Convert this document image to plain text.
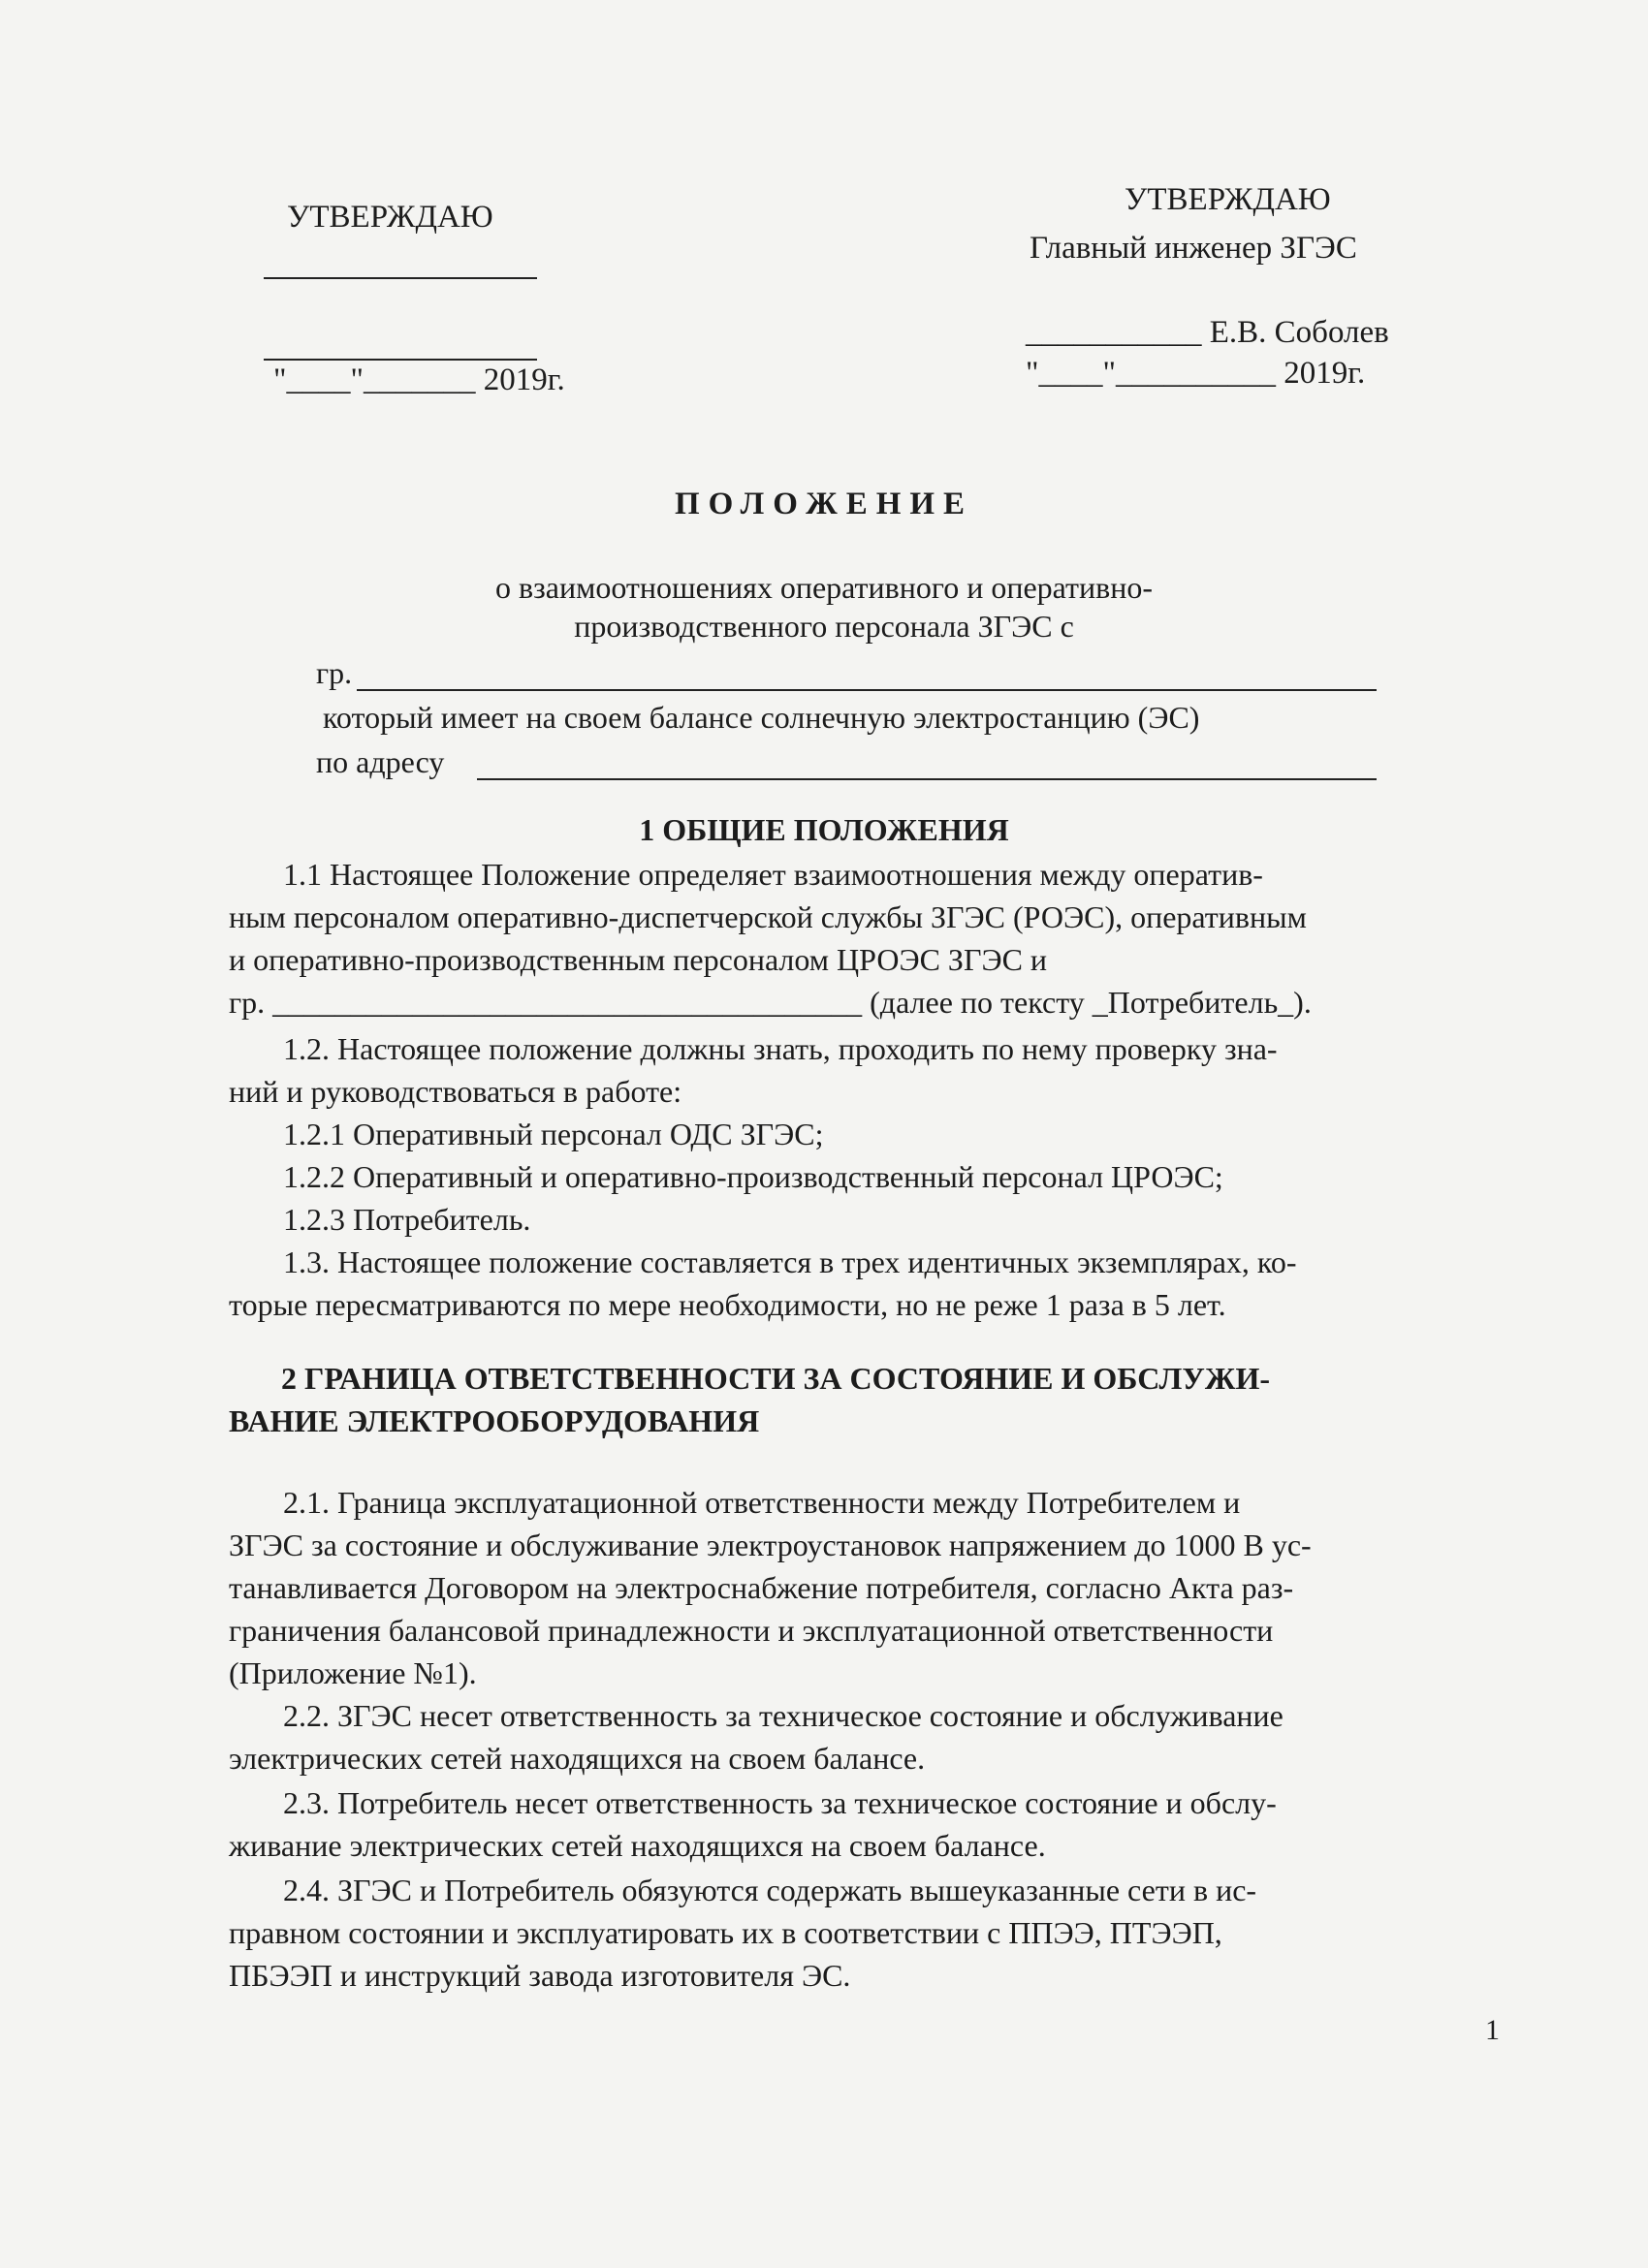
УТВЕРЖДАЮ
"____"_______ 2019г.
УТВЕРЖДАЮ
Главный инженер ЗГЭС
___________ Е.В. Соболев
"____"__________ 2019г.
ПОЛОЖЕНИЕ
о взаимоотношениях оперативного и оперативно-
производственного персонала ЗГЭС с
гр.
который имеет на своем балансе солнечную электростанцию (ЭС)
по адресу
1 ОБЩИЕ ПОЛОЖЕНИЯ
1.1 Настоящее Положение определяет взаимоотношения между оператив-
ным персоналом оперативно-диспетчерской службы ЗГЭС (РОЭС), оперативным
и оперативно-производственным персоналом ЦРОЭС ЗГЭС и
гр. ______________________________________ (далее по тексту _Потребитель_).
1.2. Настоящее положение должны знать, проходить по нему проверку зна-
ний и руководствоваться в работе:
1.2.1 Оперативный персонал ОДС ЗГЭС;
1.2.2 Оперативный и оперативно-производственный персонал ЦРОЭС;
1.2.3 Потребитель.
1.3. Настоящее положение составляется в трех идентичных экземплярах, ко-
торые пересматриваются по мере необходимости, но не реже 1 раза в 5 лет.
2 ГРАНИЦА ОТВЕТСТВЕННОСТИ ЗА СОСТОЯНИЕ И ОБСЛУЖИ-
ВАНИЕ ЭЛЕКТРООБОРУДОВАНИЯ
2.1. Граница эксплуатационной ответственности между Потребителем и
ЗГЭС за состояние и обслуживание электроустановок напряжением до 1000 В ус-
танавливается Договором на электроснабжение потребителя, согласно Акта раз-
граничения балансовой принадлежности и эксплуатационной ответственности
(Приложение №1).
2.2. ЗГЭС несет ответственность за техническое состояние и обслуживание
электрических сетей находящихся на своем балансе.
2.3. Потребитель несет ответственность за техническое состояние и обслу-
живание электрических сетей находящихся на своем балансе.
2.4. ЗГЭС и Потребитель обязуются содержать вышеуказанные сети в ис-
правном состоянии и эксплуатировать их в соответствии с ППЭЭ, ПТЭЭП,
ПБЭЭП и инструкций завода изготовителя ЭС.
1
